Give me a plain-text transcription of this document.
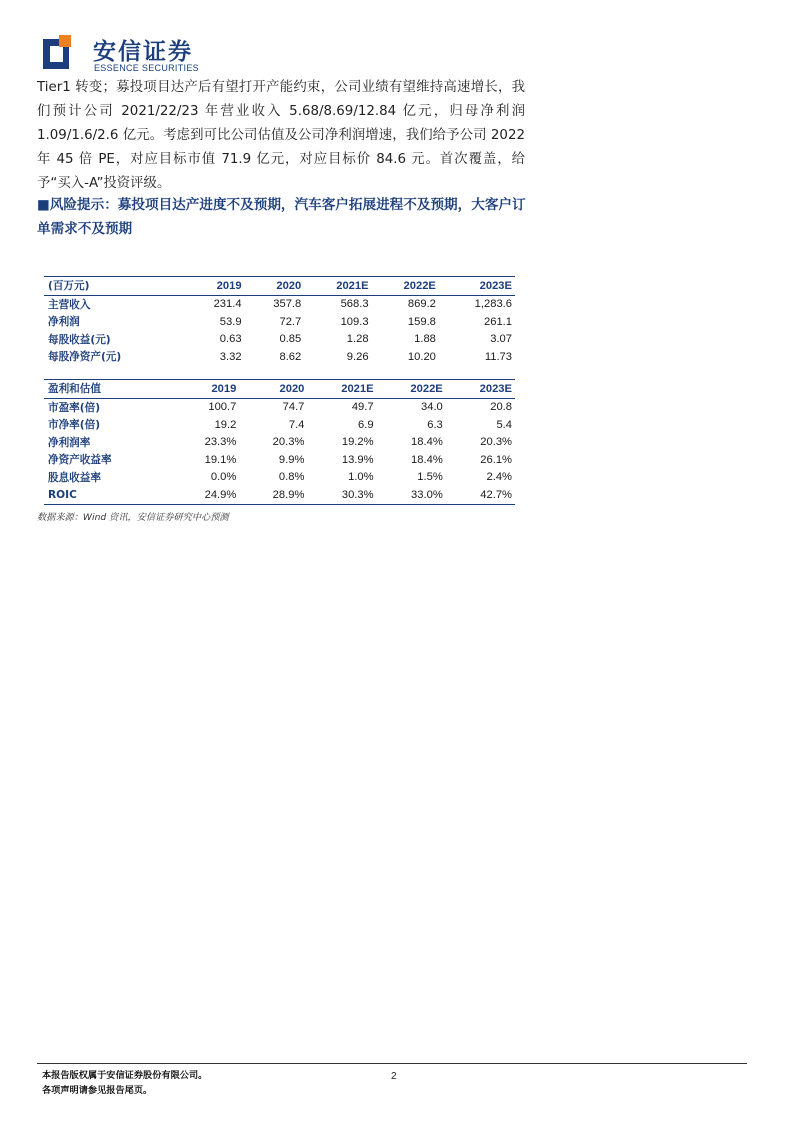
安信证券
ESSENCE SECURITIES
Tier1 转变；募投项目达产后有望打开产能约束，公司业绩有望维持高速增长，我们预计公司 2021/22/23 年营业收入 5.68/8.69/12.84 亿元，归母净利润 1.09/1.6/2.6 亿元。考虑到可比公司估值及公司净利润增速，我们给予公司 2022 年 45 倍 PE，对应目标市值 71.9 亿元，对应目标价 84.6 元。首次覆盖，给予“买入-A”投资评级。
■风险提示：募投项目达产进度不及预期，汽车客户拓展进程不及预期，大客户订单需求不及预期
(百万元)	2019	2020	2021E	2022E	2023E
主营收入	231.4	357.8	568.3	869.2	1,283.6
净利润	53.9	72.7	109.3	159.8	261.1
每股收益(元)	0.63	0.85	1.28	1.88	3.07
每股净资产(元)	3.32	8.62	9.26	10.20	11.73
盈利和估值	2019	2020	2021E	2022E	2023E
市盈率(倍)	100.7	74.7	49.7	34.0	20.8
市净率(倍)	19.2	7.4	6.9	6.3	5.4
净利润率	23.3%	20.3%	19.2%	18.4%	20.3%
净资产收益率	19.1%	9.9%	13.9%	18.4%	26.1%
股息收益率	0.0%	0.8%	1.0%	1.5%	2.4%
ROIC	24.9%	28.9%	30.3%	33.0%	42.7%
数据来源：Wind 资讯，安信证券研究中心预测
本报告版权属于安信证券股份有限公司。
各项声明请参见报告尾页。
2
